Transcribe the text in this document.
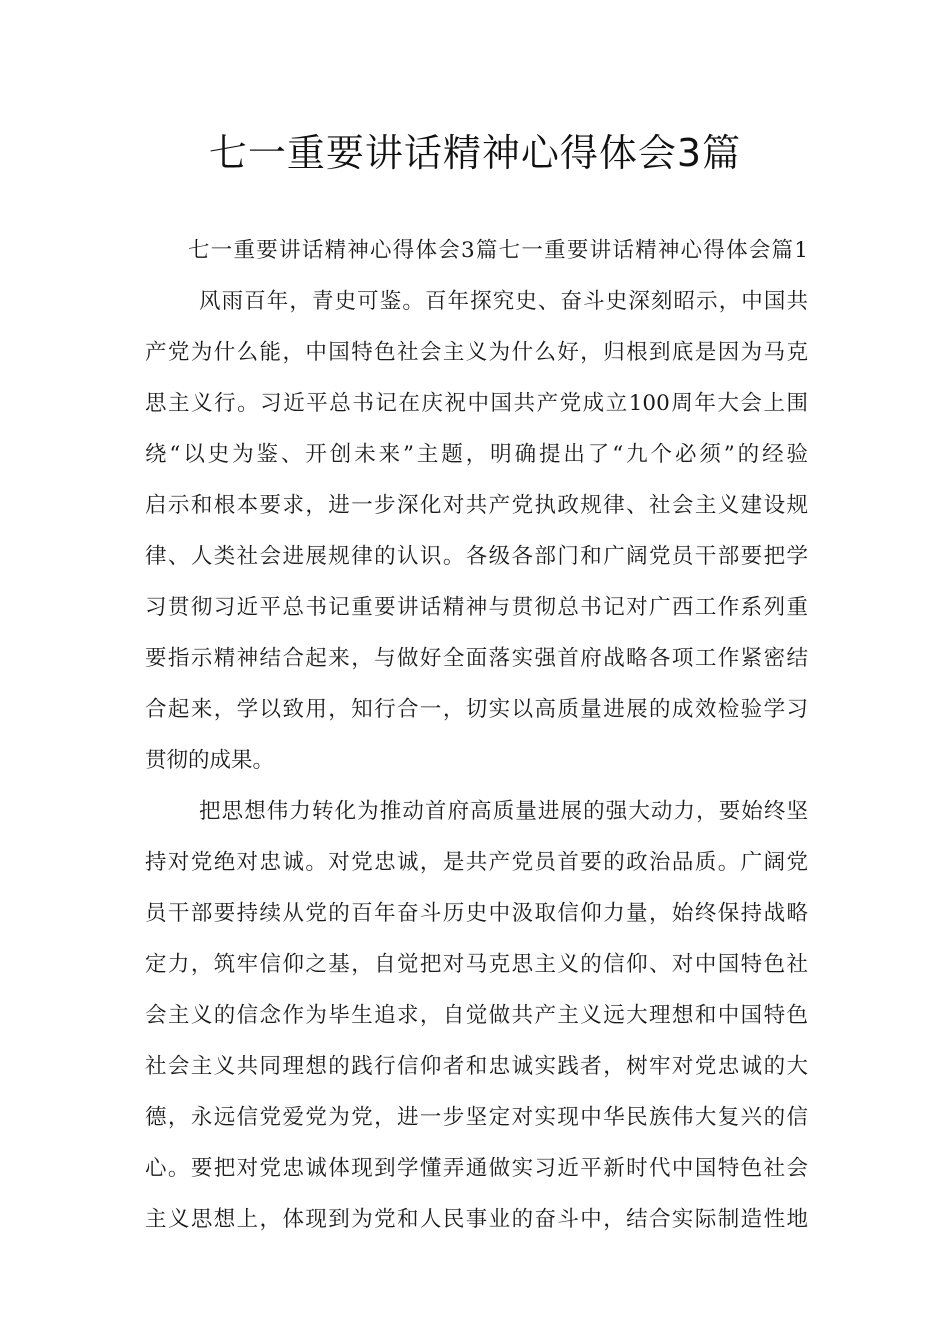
七一重要讲话精神心得体会3篇
七一重要讲话精神心得体会3篇七一重要讲话精神心得体会篇1
风雨百年，青史可鉴。百年探究史、奋斗史深刻昭示，中国共
产党为什么能，中国特色社会主义为什么好，归根到底是因为马克
思主义行。习近平总书记在庆祝中国共产党成立100周年大会上围
绕“以史为鉴、开创未来”主题，明确提出了“九个必须”的经验
启示和根本要求，进一步深化对共产党执政规律、社会主义建设规
律、人类社会进展规律的认识。各级各部门和广阔党员干部要把学
习贯彻习近平总书记重要讲话精神与贯彻总书记对广西工作系列重
要指示精神结合起来，与做好全面落实强首府战略各项工作紧密结
合起来，学以致用，知行合一，切实以高质量进展的成效检验学习
贯彻的成果。
把思想伟力转化为推动首府高质量进展的强大动力，要始终坚
持对党绝对忠诚。对党忠诚，是共产党员首要的政治品质。广阔党
员干部要持续从党的百年奋斗历史中汲取信仰力量，始终保持战略
定力，筑牢信仰之基，自觉把对马克思主义的信仰、对中国特色社
会主义的信念作为毕生追求，自觉做共产主义远大理想和中国特色
社会主义共同理想的践行信仰者和忠诚实践者，树牢对党忠诚的大
德，永远信党爱党为党，进一步坚定对实现中华民族伟大复兴的信
心。要把对党忠诚体现到学懂弄通做实习近平新时代中国特色社会
主义思想上，体现到为党和人民事业的奋斗中，结合实际制造性地
